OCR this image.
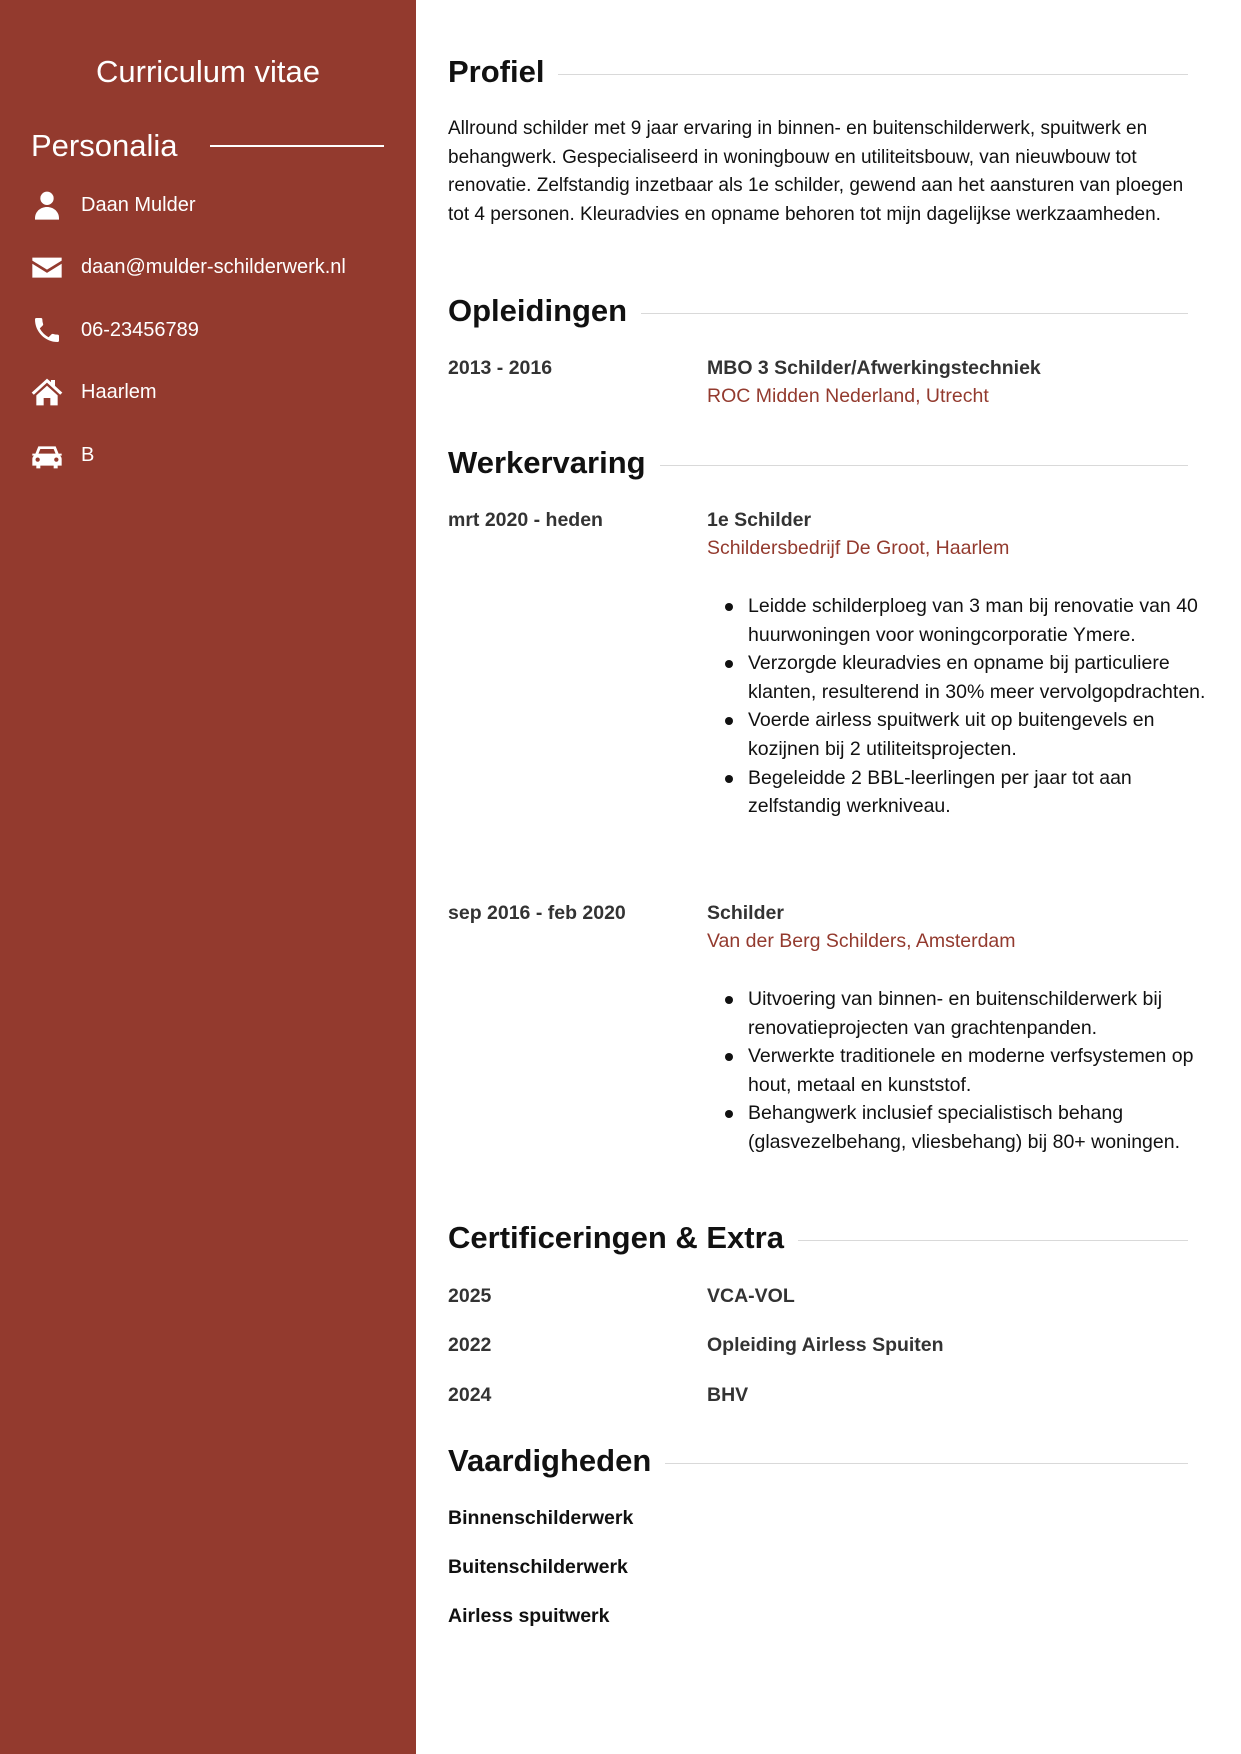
Curriculum vitae
Personalia
Daan Mulder
daan@mulder-schilderwerk.nl
06-23456789
Haarlem
B
Profiel
Allround schilder met 9 jaar ervaring in binnen- en buitenschilderwerk, spuitwerk en behangwerk. Gespecialiseerd in woningbouw en utiliteitsbouw, van nieuwbouw tot renovatie. Zelfstandig inzetbaar als 1e schilder, gewend aan het aansturen van ploegen tot 4 personen. Kleuradvies en opname behoren tot mijn dagelijkse werkzaamheden.
Opleidingen
2013 - 2016	MBO 3 Schilder/Afwerkingstechniek
ROC Midden Nederland, Utrecht
Werkervaring
mrt 2020 - heden	1e Schilder
Schildersbedrijf De Groot, Haarlem
Leidde schilderploeg van 3 man bij renovatie van 40 huurwoningen voor woningcorporatie Ymere.
Verzorgde kleuradvies en opname bij particuliere klanten, resulterend in 30% meer vervolgopdrachten.
Voerde airless spuitwerk uit op buitengevels en kozijnen bij 2 utiliteitsprojecten.
Begeleidde 2 BBL-leerlingen per jaar tot aan zelfstandig werkniveau.
sep 2016 - feb 2020	Schilder
Van der Berg Schilders, Amsterdam
Uitvoering van binnen- en buitenschilderwerk bij renovatieprojecten van grachtenpanden.
Verwerkte traditionele en moderne verfsystemen op hout, metaal en kunststof.
Behangwerk inclusief specialistisch behang (glasvezelbehang, vliesbehang) bij 80+ woningen.
Certificeringen & Extra
2025	VCA-VOL
2022	Opleiding Airless Spuiten
2024	BHV
Vaardigheden
Binnenschilderwerk
Buitenschilderwerk
Airless spuitwerk
